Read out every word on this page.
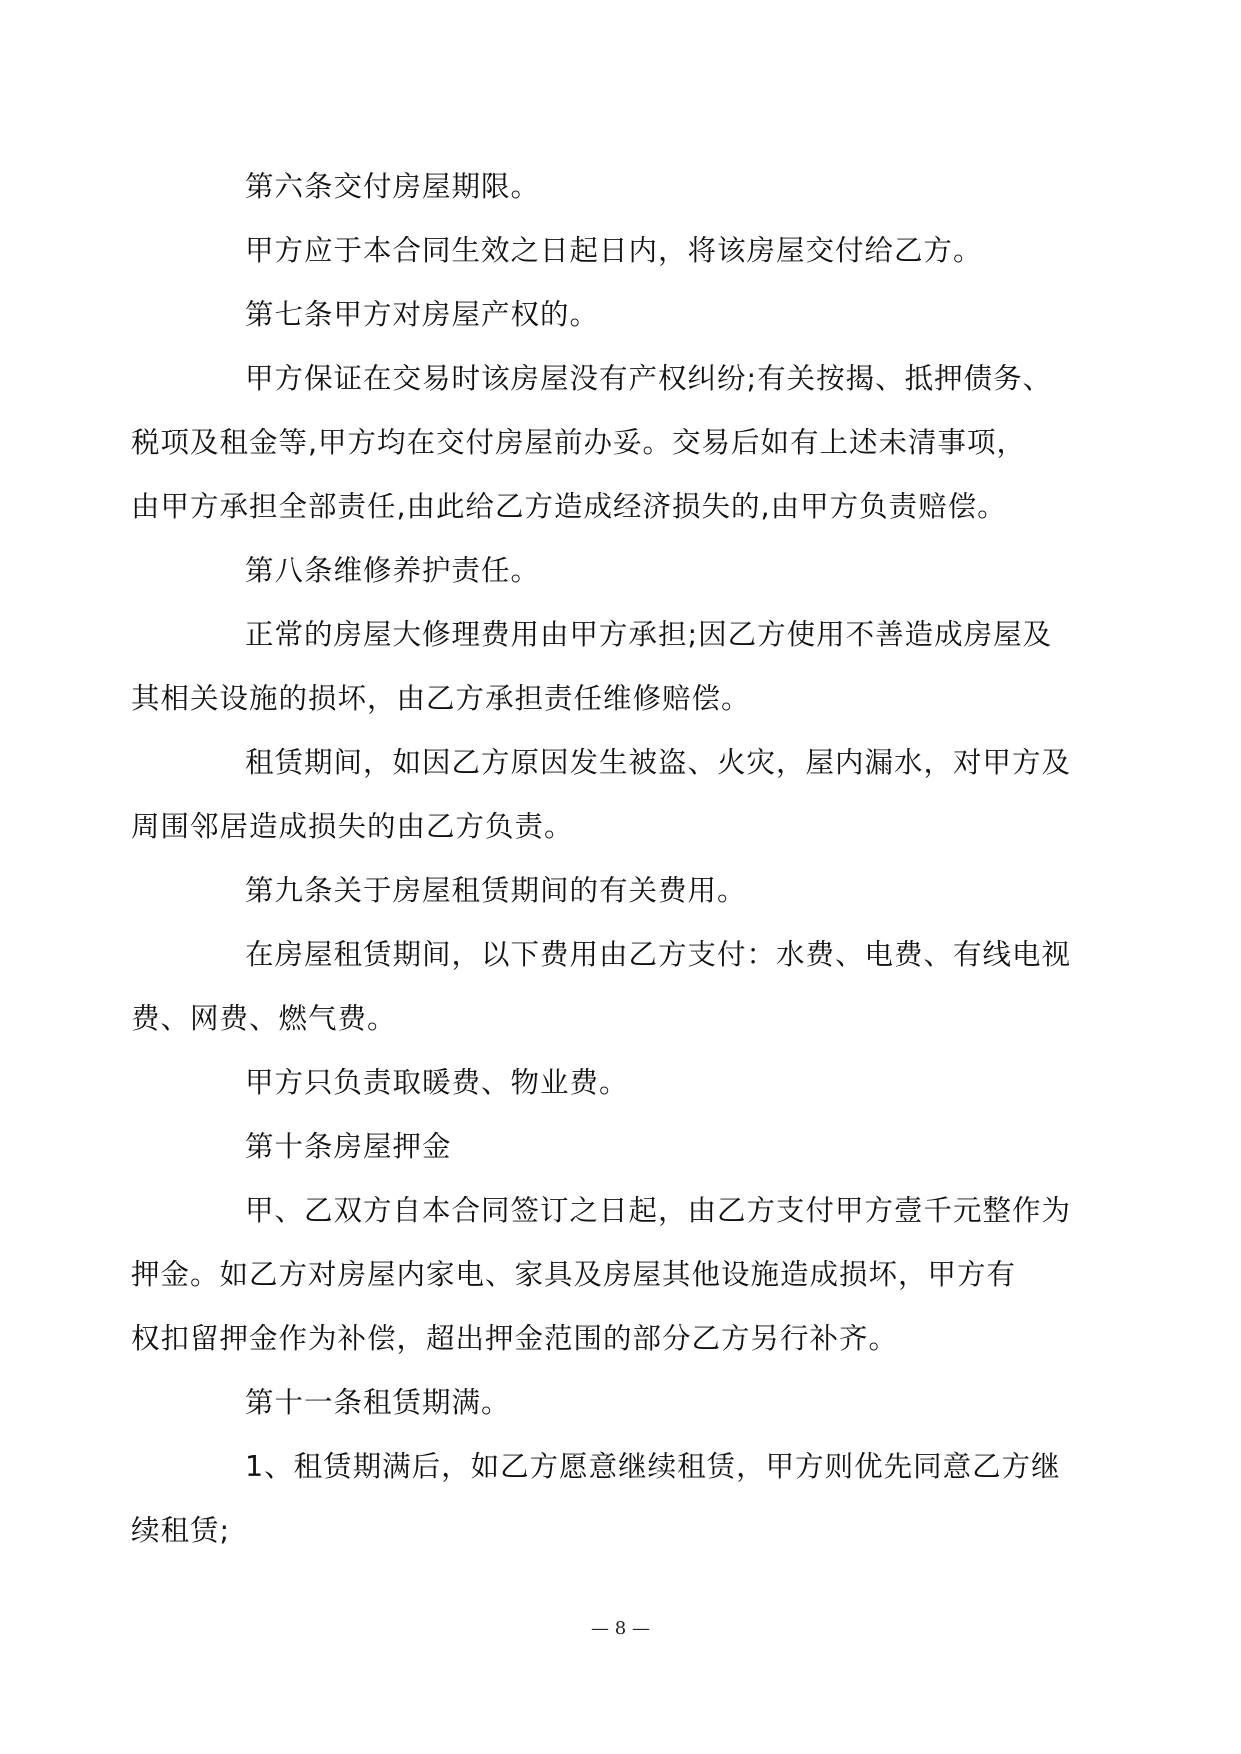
第六条交付房屋期限。

甲方应于本合同生效之日起日内，将该房屋交付给乙方。

第七条甲方对房屋产权的。

甲方保证在交易时该房屋没有产权纠纷;有关按揭、抵押债务、
税项及租金等,甲方均在交付房屋前办妥。交易后如有上述未清事项，
由甲方承担全部责任,由此给乙方造成经济损失的,由甲方负责赔偿。

第八条维修养护责任。

正常的房屋大修理费用由甲方承担;因乙方使用不善造成房屋及
其相关设施的损坏，由乙方承担责任维修赔偿。

租赁期间，如因乙方原因发生被盗、火灾，屋内漏水，对甲方及
周围邻居造成损失的由乙方负责。

第九条关于房屋租赁期间的有关费用。

在房屋租赁期间，以下费用由乙方支付：水费、电费、有线电视
费、网费、燃气费。

甲方只负责取暖费、物业费。

第十条房屋押金

甲、乙双方自本合同签订之日起，由乙方支付甲方壹千元整作为
押金。如乙方对房屋内家电、家具及房屋其他设施造成损坏，甲方有
权扣留押金作为补偿，超出押金范围的部分乙方另行补齐。

第十一条租赁期满。

1、租赁期满后，如乙方愿意继续租赁，甲方则优先同意乙方继
续租赁;

— 8 —
